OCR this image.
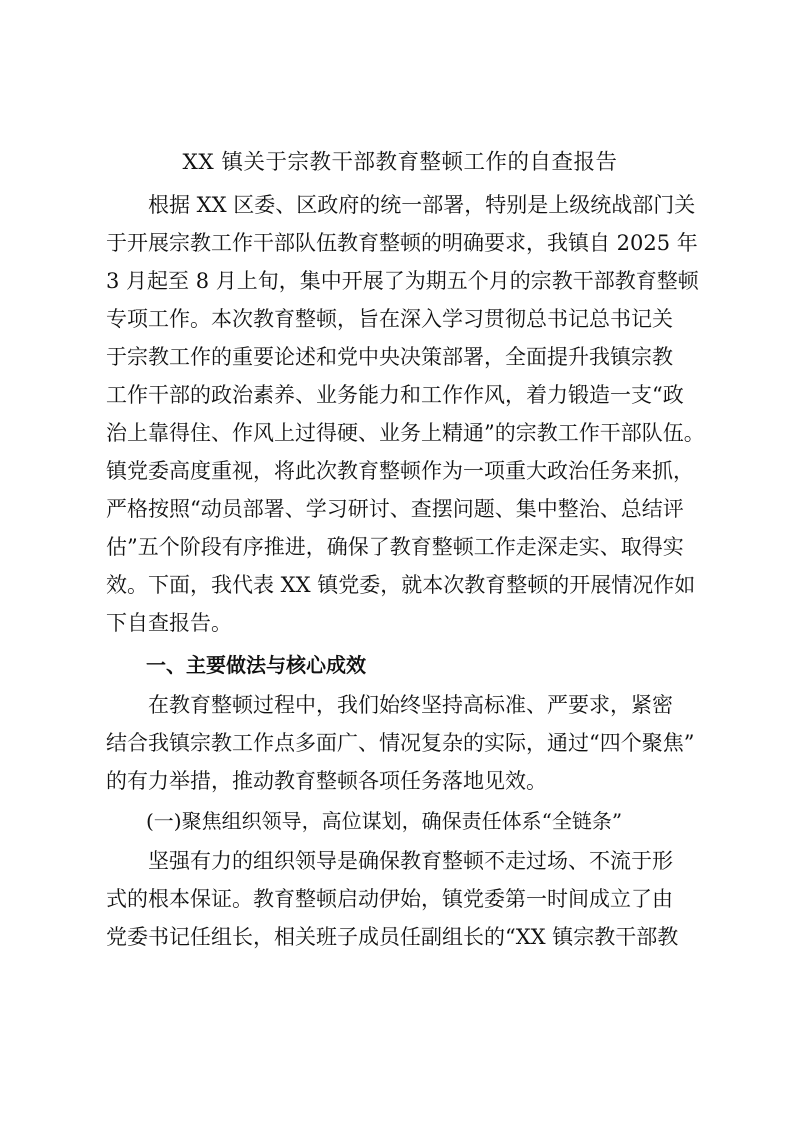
XX 镇关于宗教干部教育整顿工作的自查报告
　　根据 XX 区委、区政府的统一部署，特别是上级统战部门关
于开展宗教工作干部队伍教育整顿的明确要求，我镇自 2025 年
3 月起至 8 月上旬，集中开展了为期五个月的宗教干部教育整顿
专项工作。本次教育整顿，旨在深入学习贯彻总书记总书记关
于宗教工作的重要论述和党中央决策部署，全面提升我镇宗教
工作干部的政治素养、业务能力和工作作风，着力锻造一支“政
治上靠得住、作风上过得硬、业务上精通”的宗教工作干部队伍。
镇党委高度重视，将此次教育整顿作为一项重大政治任务来抓，
严格按照“动员部署、学习研讨、查摆问题、集中整治、总结评
估”五个阶段有序推进，确保了教育整顿工作走深走实、取得实
效。下面，我代表 XX 镇党委，就本次教育整顿的开展情况作如
下自查报告。
　　一、主要做法与核心成效
　　在教育整顿过程中，我们始终坚持高标准、严要求，紧密
结合我镇宗教工作点多面广、情况复杂的实际，通过“四个聚焦”
的有力举措，推动教育整顿各项任务落地见效。
　　(一)聚焦组织领导，高位谋划，确保责任体系“全链条”
　　坚强有力的组织领导是确保教育整顿不走过场、不流于形
式的根本保证。教育整顿启动伊始，镇党委第一时间成立了由
党委书记任组长，相关班子成员任副组长的“XX 镇宗教干部教
